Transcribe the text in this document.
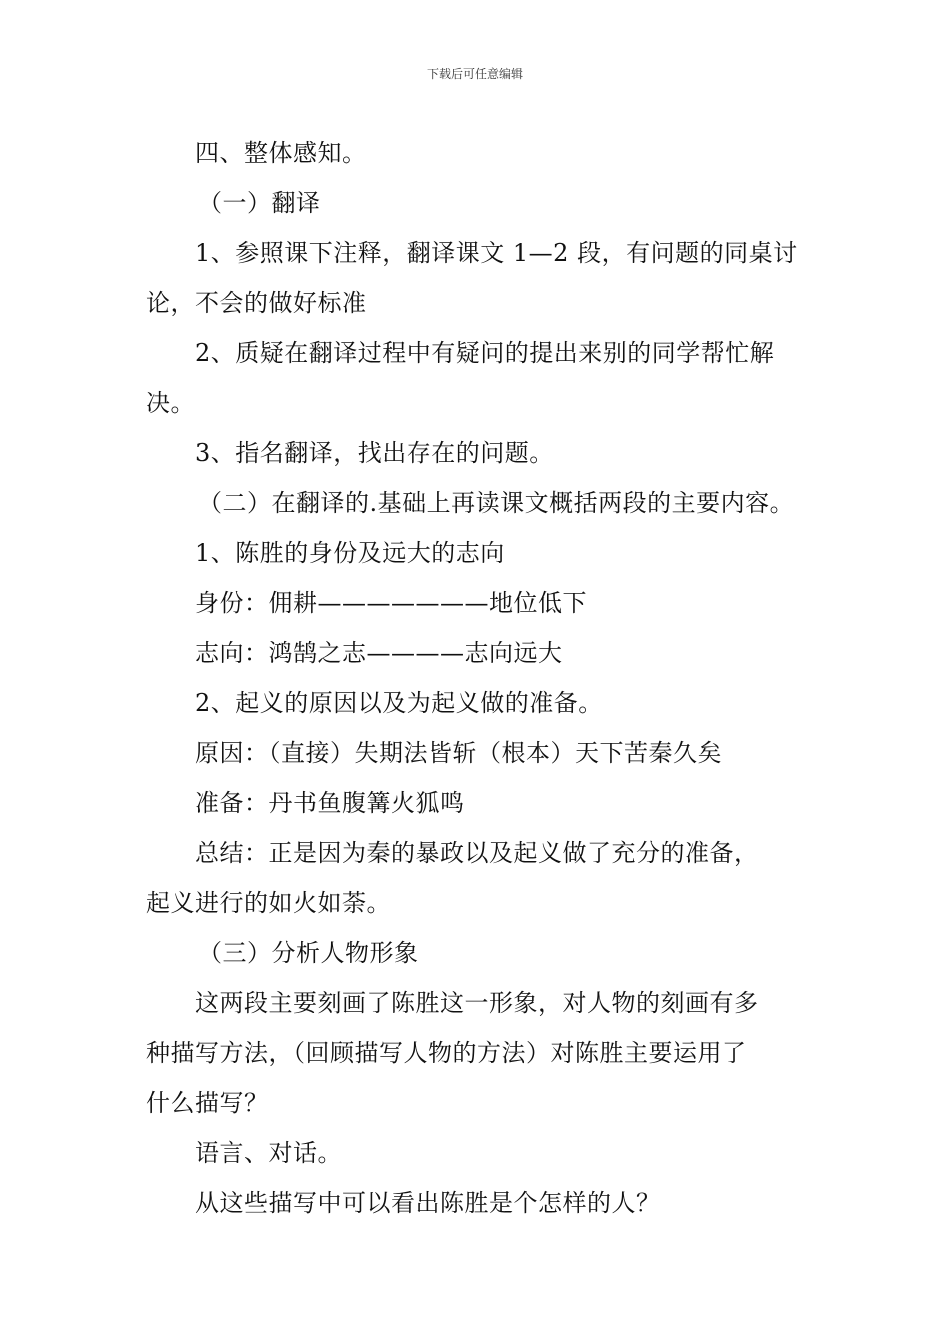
下载后可任意编辑
四、整体感知。
（一）翻译
1、参照课下注释，翻译课文 1—2 段，有问题的同桌讨
论，不会的做好标准
2、质疑在翻译过程中有疑问的提出来别的同学帮忙解
决。
3、指名翻译，找出存在的问题。
（二）在翻译的.基础上再读课文概括两段的主要内容。
1、陈胜的身份及远大的志向
身份：佣耕———————地位低下
志向：鸿鹄之志————志向远大
2、起义的原因以及为起义做的准备。
原因：（直接）失期法皆斩（根本）天下苦秦久矣
准备：丹书鱼腹篝火狐鸣
总结：正是因为秦的暴政以及起义做了充分的准备，
起义进行的如火如荼。
（三）分析人物形象
这两段主要刻画了陈胜这一形象，对人物的刻画有多
种描写方法，（回顾描写人物的方法）对陈胜主要运用了
什么描写？
语言、对话。
从这些描写中可以看出陈胜是个怎样的人？
